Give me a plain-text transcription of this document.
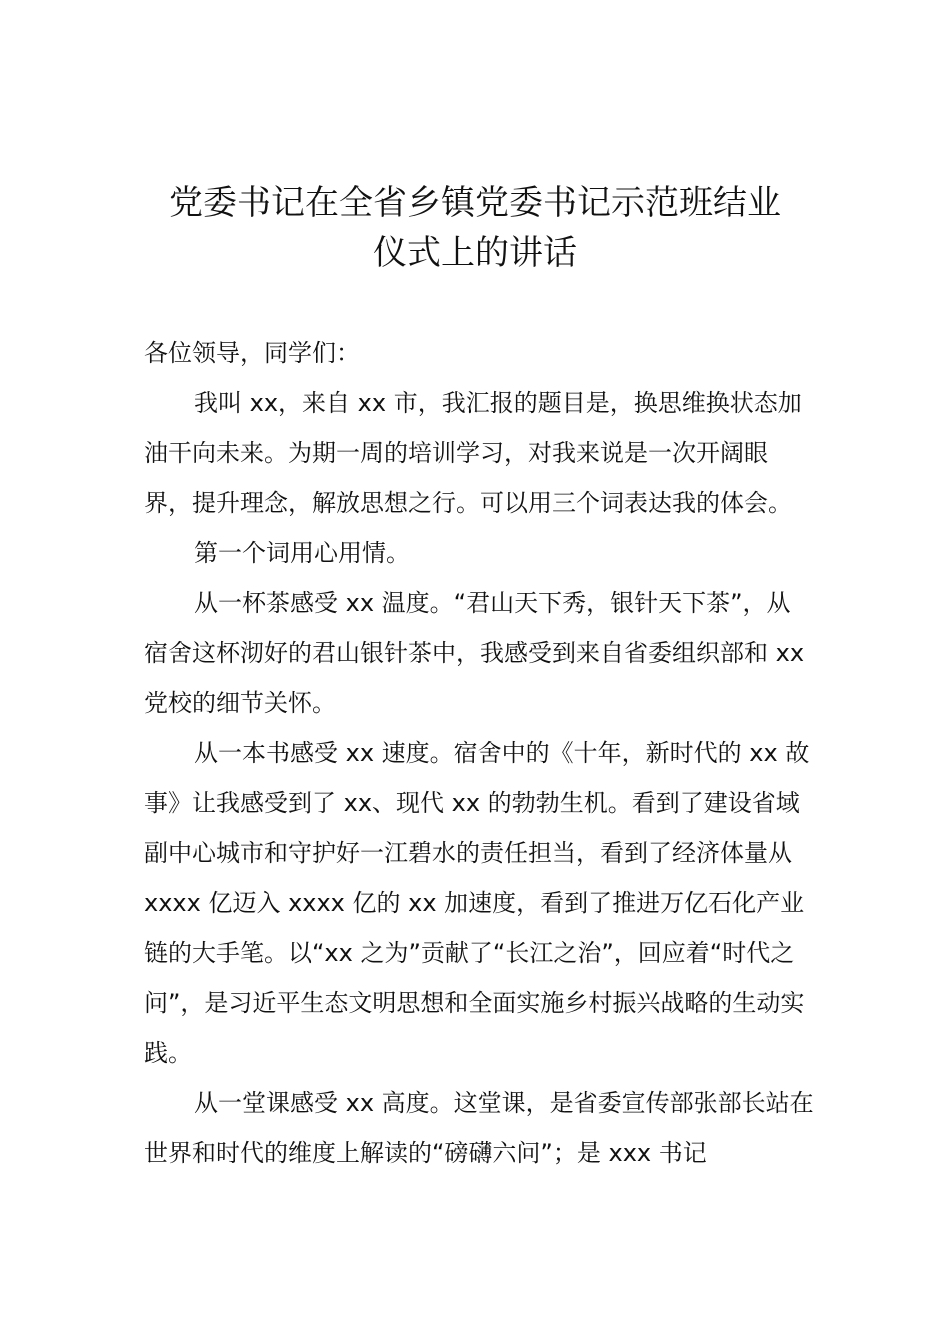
党委书记在全省乡镇党委书记示范班结业
仪式上的讲话

各位领导，同学们：

我叫 xx，来自 xx 市，我汇报的题目是，换思维换状态加油干向未来。为期一周的培训学习，对我来说是一次开阔眼界，提升理念，解放思想之行。可以用三个词表达我的体会。

第一个词用心用情。

从一杯茶感受 xx 温度。“君山天下秀，银针天下茶”，从宿舍这杯沏好的君山银针茶中，我感受到来自省委组织部和 xx 党校的细节关怀。

从一本书感受 xx 速度。宿舍中的《十年，新时代的 xx 故事》让我感受到了 xx、现代 xx 的勃勃生机。看到了建设省域副中心城市和守护好一江碧水的责任担当，看到了经济体量从 xxxx 亿迈入 xxxx 亿的 xx 加速度，看到了推进万亿石化产业链的大手笔。以“xx 之为”贡献了“长江之治”，回应着“时代之问”，是习近平生态文明思想和全面实施乡村振兴战略的生动实践。

从一堂课感受 xx 高度。这堂课，是省委宣传部张部长站在世界和时代的维度上解读的“磅礴六问”；是 xxx 书记
